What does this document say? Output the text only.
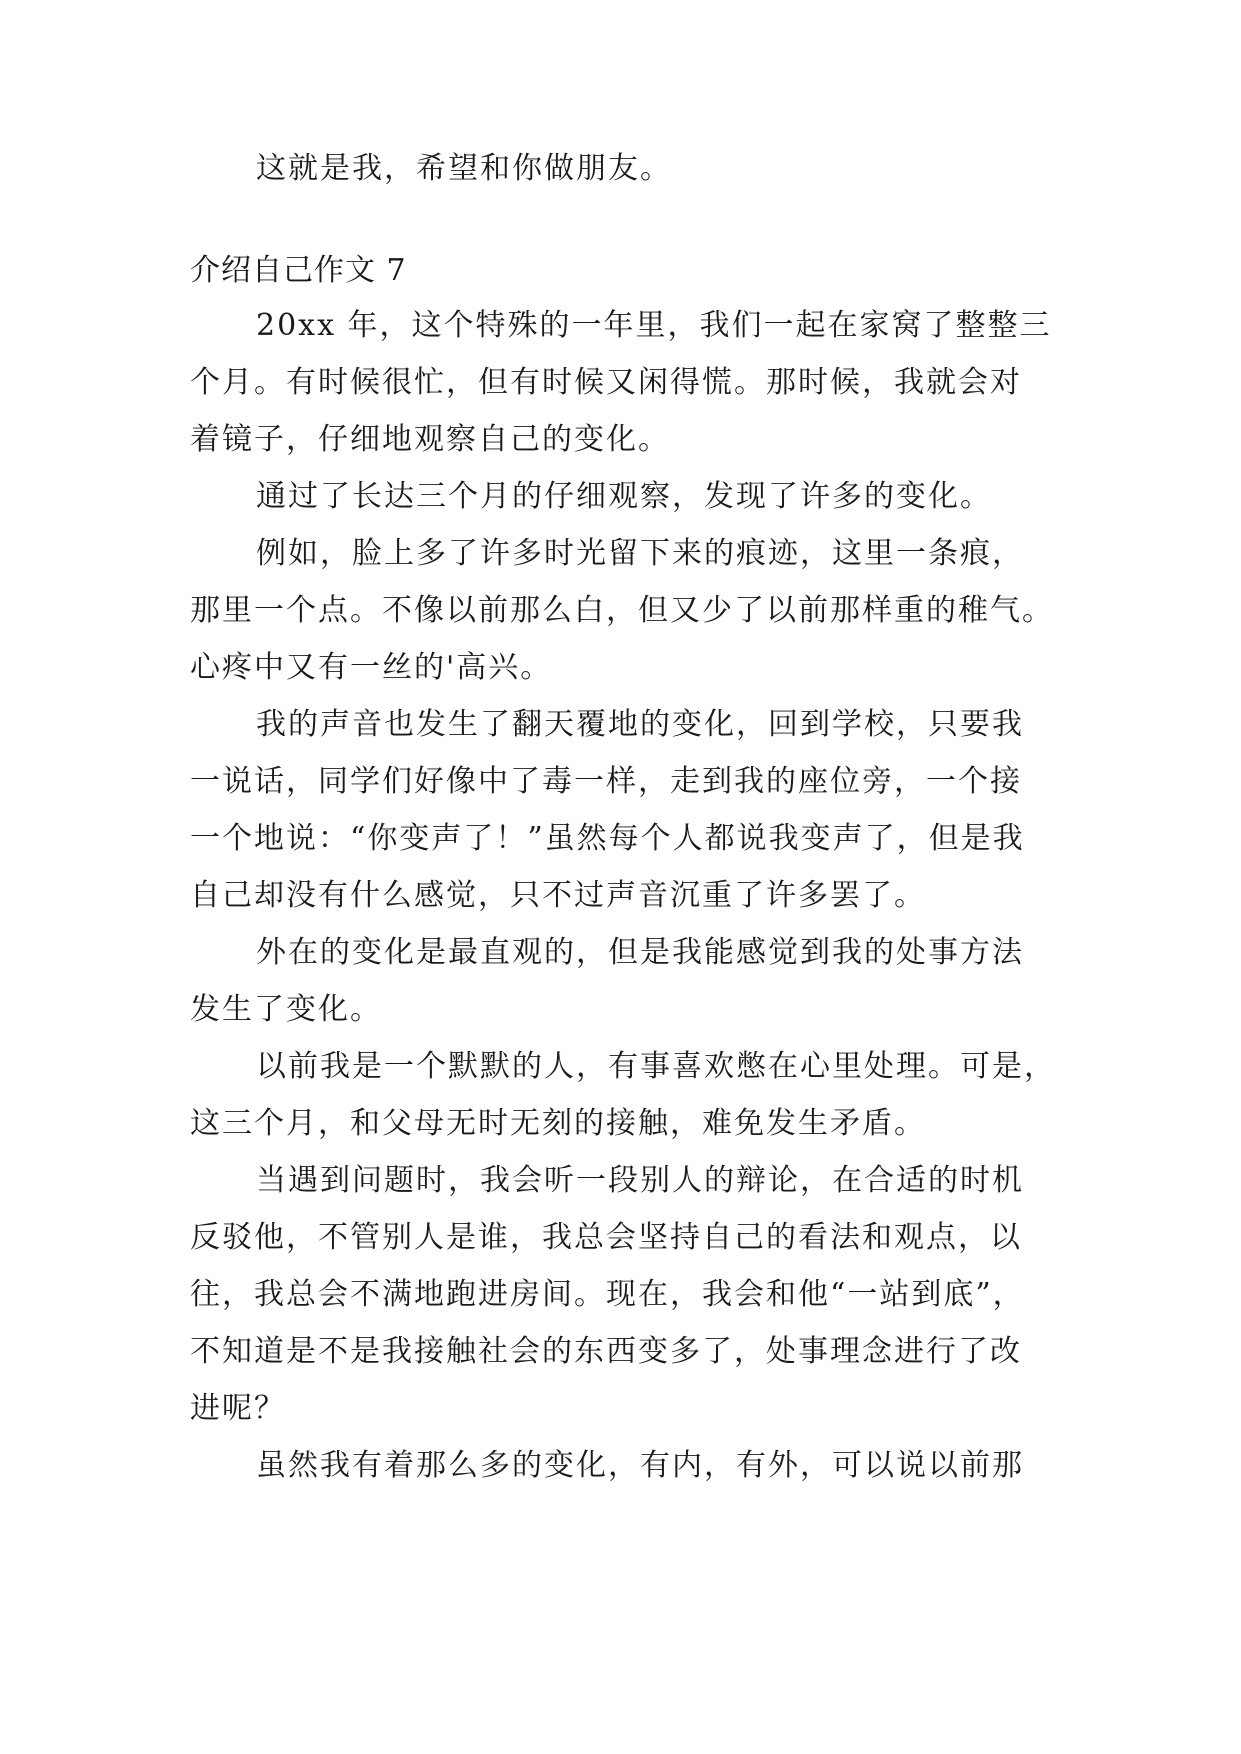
这就是我，希望和你做朋友。
介绍自己作文 7
20xx 年，这个特殊的一年里，我们一起在家窝了整整三
个月。有时候很忙，但有时候又闲得慌。那时候，我就会对
着镜子，仔细地观察自己的变化。
通过了长达三个月的仔细观察，发现了许多的变化。
例如，脸上多了许多时光留下来的痕迹，这里一条痕，
那里一个点。不像以前那么白，但又少了以前那样重的稚气。
心疼中又有一丝的'高兴。
我的声音也发生了翻天覆地的变化，回到学校，只要我
一说话，同学们好像中了毒一样，走到我的座位旁，一个接
一个地说：“你变声了！”虽然每个人都说我变声了，但是我
自己却没有什么感觉，只不过声音沉重了许多罢了。
外在的变化是最直观的，但是我能感觉到我的处事方法
发生了变化。
以前我是一个默默的人，有事喜欢憋在心里处理。可是，
这三个月，和父母无时无刻的接触，难免发生矛盾。
当遇到问题时，我会听一段别人的辩论，在合适的时机
反驳他，不管别人是谁，我总会坚持自己的看法和观点，以
往，我总会不满地跑进房间。现在，我会和他“一站到底”，
不知道是不是我接触社会的东西变多了，处事理念进行了改
进呢？
虽然我有着那么多的变化，有内，有外，可以说以前那
